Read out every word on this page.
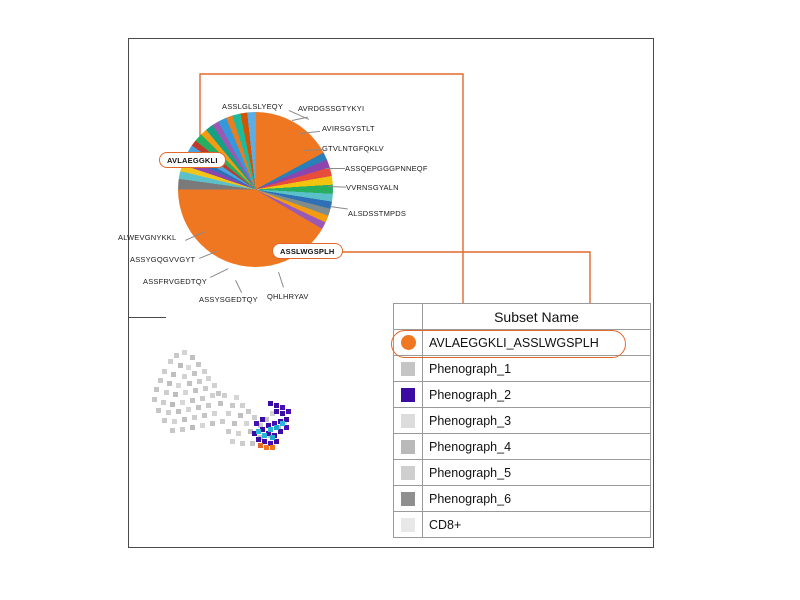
ASSLGLSLYEQY AVRDGSSGTYKYI
AVIRSGYSTLT
GTVLNTGFQKLV
ASSQEPGGGPNNEQF
VVRNSGYALN
ALSDSSTMPDS
ALWEVGNYKKL
ASSYGQGVVGYT
ASSFRVGEDTQY
ASSYSGEDTQY QHLHRYAV
AVLAEGGKLI
ASSLWGSPLH
	Subset Name
	AVLAEGGKLI_ASSLWGSPLH
	Phenograph_1
	Phenograph_2
	Phenograph_3
	Phenograph_4
	Phenograph_5
	Phenograph_6
	CD8+
